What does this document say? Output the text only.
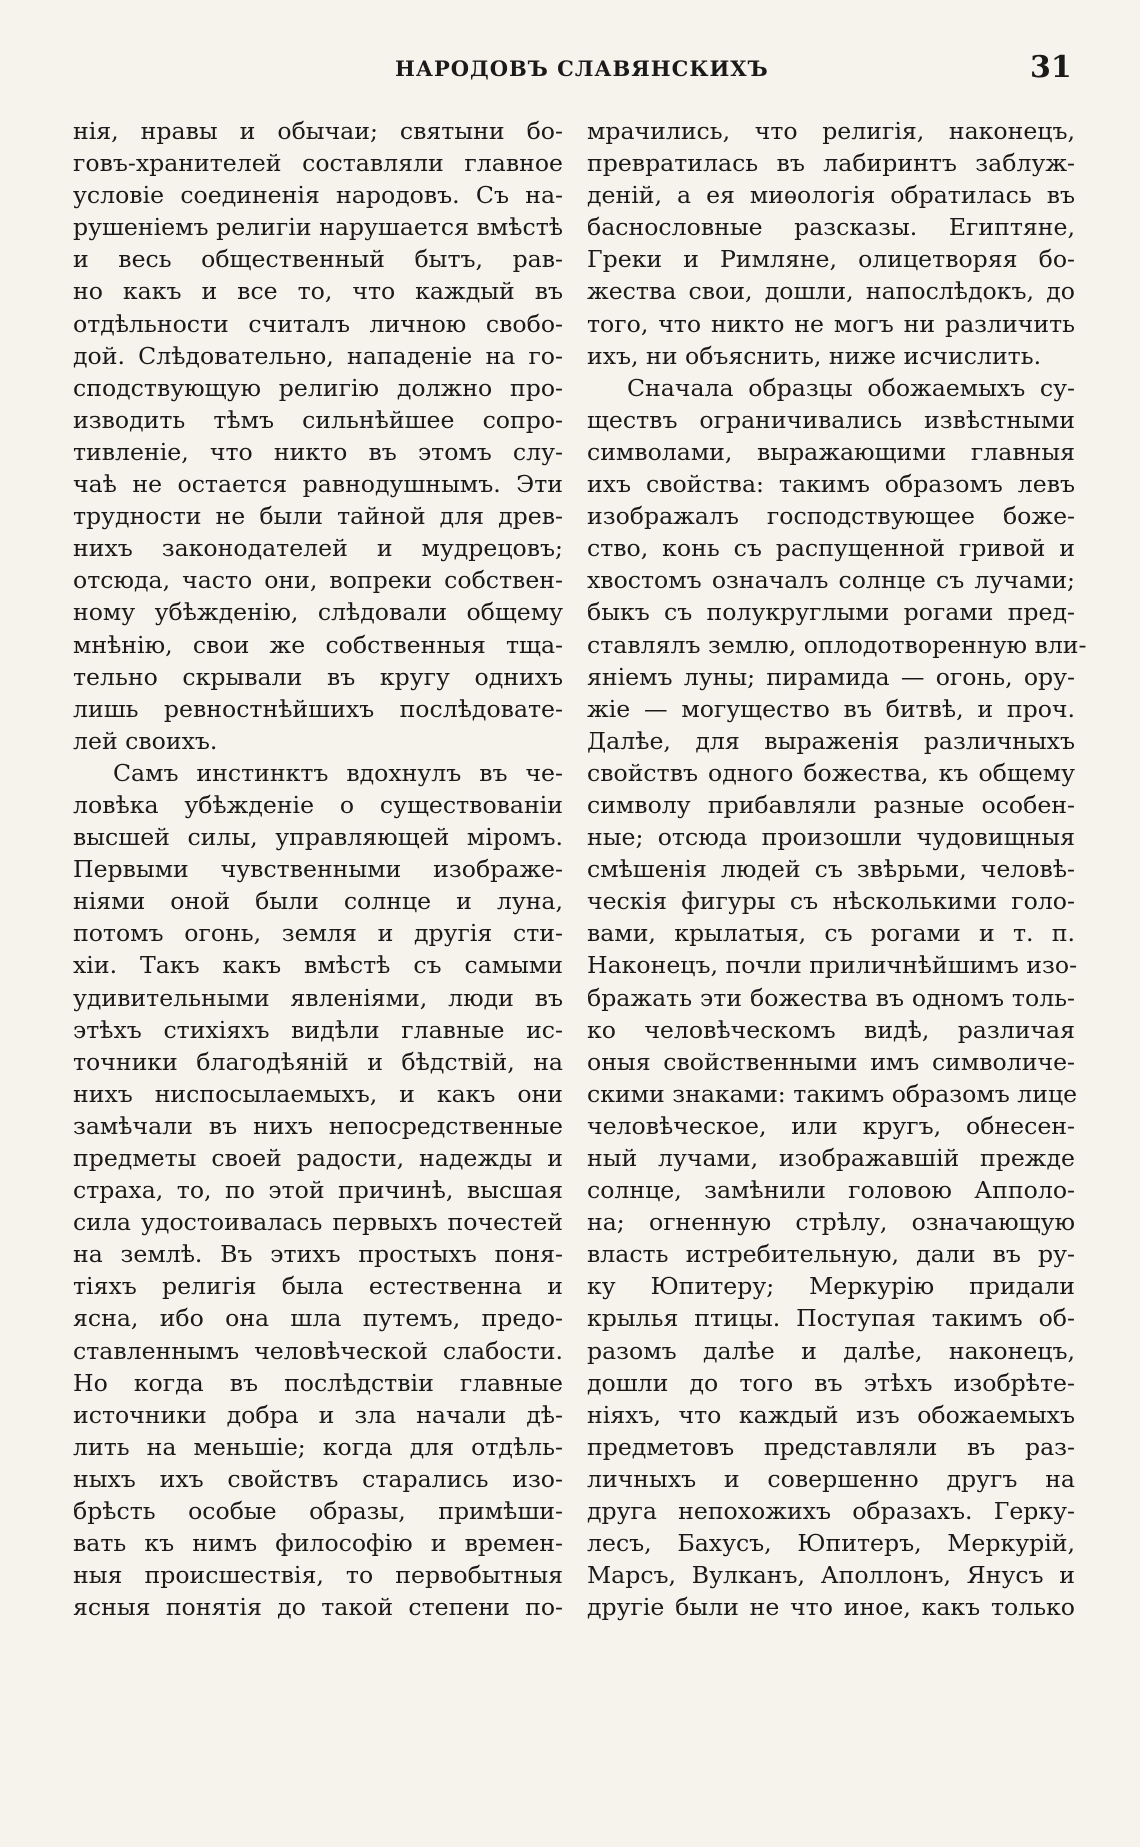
НАРОДОВЪ СЛАВЯНСКИХЪ	31
нія, нравы и обычаи; святыни бо-
говъ-хранителей составляли главное
условіе соединенія народовъ. Съ на-
рушеніемъ религіи нарушается вмѣстѣ
и весь общественный бытъ, рав-
но какъ и все то, что каждый въ
отдѣльности считалъ личною свобо-
дой. Слѣдовательно, нападеніе на го-
сподствующую религію должно про-
изводить тѣмъ сильнѣйшее сопро-
тивленіе, что никто въ этомъ слу-
чаѣ не остается равнодушнымъ. Эти
трудности не были тайной для древ-
нихъ законодателей и мудрецовъ;
отсюда, часто они, вопреки собствен-
ному убѣжденію, слѣдовали общему
мнѣнію, свои же собственныя тща-
тельно скрывали въ кругу однихъ
лишь ревностнѣйшихъ послѣдовате-
лей своихъ.
Самъ инстинктъ вдохнулъ въ че-
ловѣка убѣжденіе о существованіи
высшей силы, управляющей міромъ.
Первыми чувственными изображе-
ніями оной были солнце и луна,
потомъ огонь, земля и другія сти-
хіи. Такъ какъ вмѣстѣ съ самыми
удивительными явленіями, люди въ
этѣхъ стихіяхъ видѣли главные ис-
точники благодѣяній и бѣдствій, на
нихъ ниспосылаемыхъ, и какъ они
замѣчали въ нихъ непосредственные
предметы своей радости, надежды и
страха, то, по этой причинѣ, высшая
сила удостоивалась первыхъ почестей
на землѣ. Въ этихъ простыхъ поня-
тіяхъ религія была естественна и
ясна, ибо она шла путемъ, предо-
ставленнымъ человѣческой слабости.
Но когда въ послѣдствіи главные
источники добра и зла начали дѣ-
лить на меньшіе; когда для отдѣль-
ныхъ ихъ свойствъ старались изо-
брѣсть особые образы, примѣши-
вать къ нимъ философію и времен-
ныя происшествія, то первобытныя
ясныя понятія до такой степени по-
мрачились, что религія, наконецъ,
превратилась въ лабиринтъ заблуж-
деній, а ея миѳологія обратилась въ
баснословные разсказы. Египтяне,
Греки и Римляне, олицетворяя бо-
жества свои, дошли, напослѣдокъ, до
того, что никто не могъ ни различить
ихъ, ни объяснить, ниже исчислить.
Сначала образцы обожаемыхъ су-
ществъ ограничивались извѣстными
символами, выражающими главныя
ихъ свойства: такимъ образомъ левъ
изображалъ господствующее боже-
ство, конь съ распущенной гривой и
хвостомъ означалъ солнце съ лучами;
быкъ съ полукруглыми рогами пред-
ставлялъ землю, оплодотворенную вли-
яніемъ луны; пирамида — огонь, ору-
жіе — могущество въ битвѣ, и проч.
Далѣе, для выраженія различныхъ
свойствъ одного божества, къ общему
символу прибавляли разные особен-
ные; отсюда произошли чудовищныя
смѣшенія людей съ звѣрьми, человѣ-
ческія фигуры съ нѣсколькими голо-
вами, крылатыя, съ рогами и т. п.
Наконецъ, почли приличнѣйшимъ изо-
бражать эти божества въ одномъ толь-
ко человѣческомъ видѣ, различая
оныя свойственными имъ символиче-
скими знаками: такимъ образомъ лице
человѣческое, или кругъ, обнесен-
ный лучами, изображавшій прежде
солнце, замѣнили головою Апполо-
на; огненную стрѣлу, означающую
власть истребительную, дали въ ру-
ку Юпитеру; Меркурію придали
крылья птицы. Поступая такимъ об-
разомъ далѣе и далѣе, наконецъ,
дошли до того въ этѣхъ изобрѣте-
ніяхъ, что каждый изъ обожаемыхъ
предметовъ представляли въ раз-
личныхъ и совершенно другъ на
друга непохожихъ образахъ. Герку-
лесъ, Бахусъ, Юпитеръ, Меркурій,
Марсъ, Вулканъ, Аполлонъ, Янусъ и
другіе были не что иное, какъ только
